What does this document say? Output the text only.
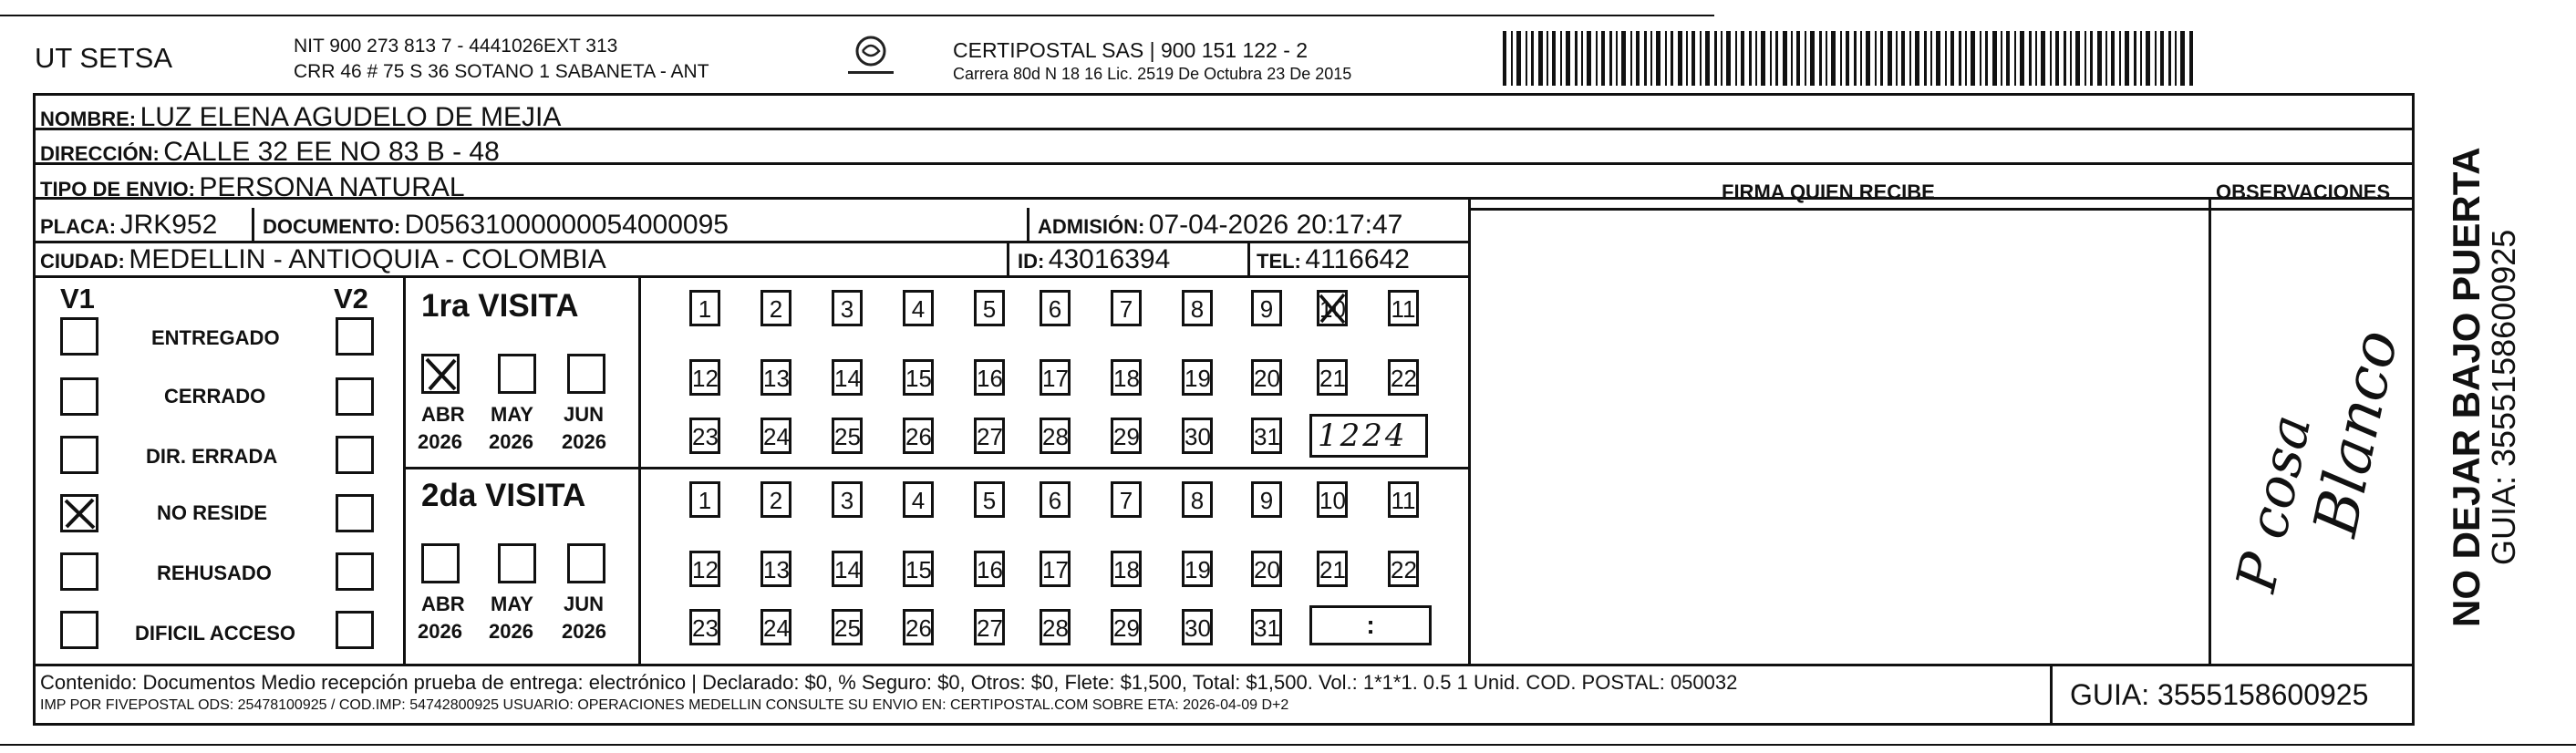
UT SETSA	NIT 900 273 813 7 - 4441026EXT 313
CRR 46 # 75 S 36 SOTANO 1 SABANETA - ANT
CERTIPOSTAL SAS | 900 151 122 - 2
Carrera 80d N 18 16 Lic. 2519 De Octubra 23 De 2015
NOMBRE: LUZ ELENA AGUDELO DE MEJIA
DIRECCIÓN: CALLE 32 EE NO 83 B - 48
TIPO DE ENVIO: PERSONA NATURAL	FIRMA QUIEN RECIBE	OBSERVACIONES
PLACA: JRK952 DOCUMENTO: D05631000000054000095	ADMISIÓN: 07-04-2026 20:17:47
CIUDAD: MEDELLIN - ANTIOQUIA - COLOMBIA	ID: 43016394	TEL: 4116642
V1	V2
ENTREGADO
CERRADO
DIR. ERRADA
NO RESIDE
REHUSADO
DIFICIL ACCESO
1ra VISITA
ABR MAY JUN
2026 2026 2026
2da VISITA
ABR MAY JUN
2026 2026 2026
1	2	3	4	5	6	7	8	9	10 11
12 13 14 15 16 17 18 19 20 21 22
23 24 25 26 27 28 29 30 31
1	2	3	4	5	6	7	8	9	10 11
12 13 14 15 16 17 18 19 20 21 22
23 24 25 26 27 28 29 30 31
1224
:
P cosa
Blanco
Contenido: Documentos Medio recepción prueba de entrega: electrónico | Declarado: $0, % Seguro: $0, Otros: $0, Flete: $1,500, Total: $1,500. Vol.: 1*1*1. 0.5 1 Unid. COD. POSTAL: 050032
IMP POR FIVEPOSTAL ODS: 25478100925 / COD.IMP: 54742800925 USUARIO: OPERACIONES MEDELLIN CONSULTE SU ENVIO EN: CERTIPOSTAL.COM SOBRE ETA: 2026-04-09 D+2	GUIA: 3555158600925
NO DEJAR BAJO PUERTA
GUIA: 3555158600925
